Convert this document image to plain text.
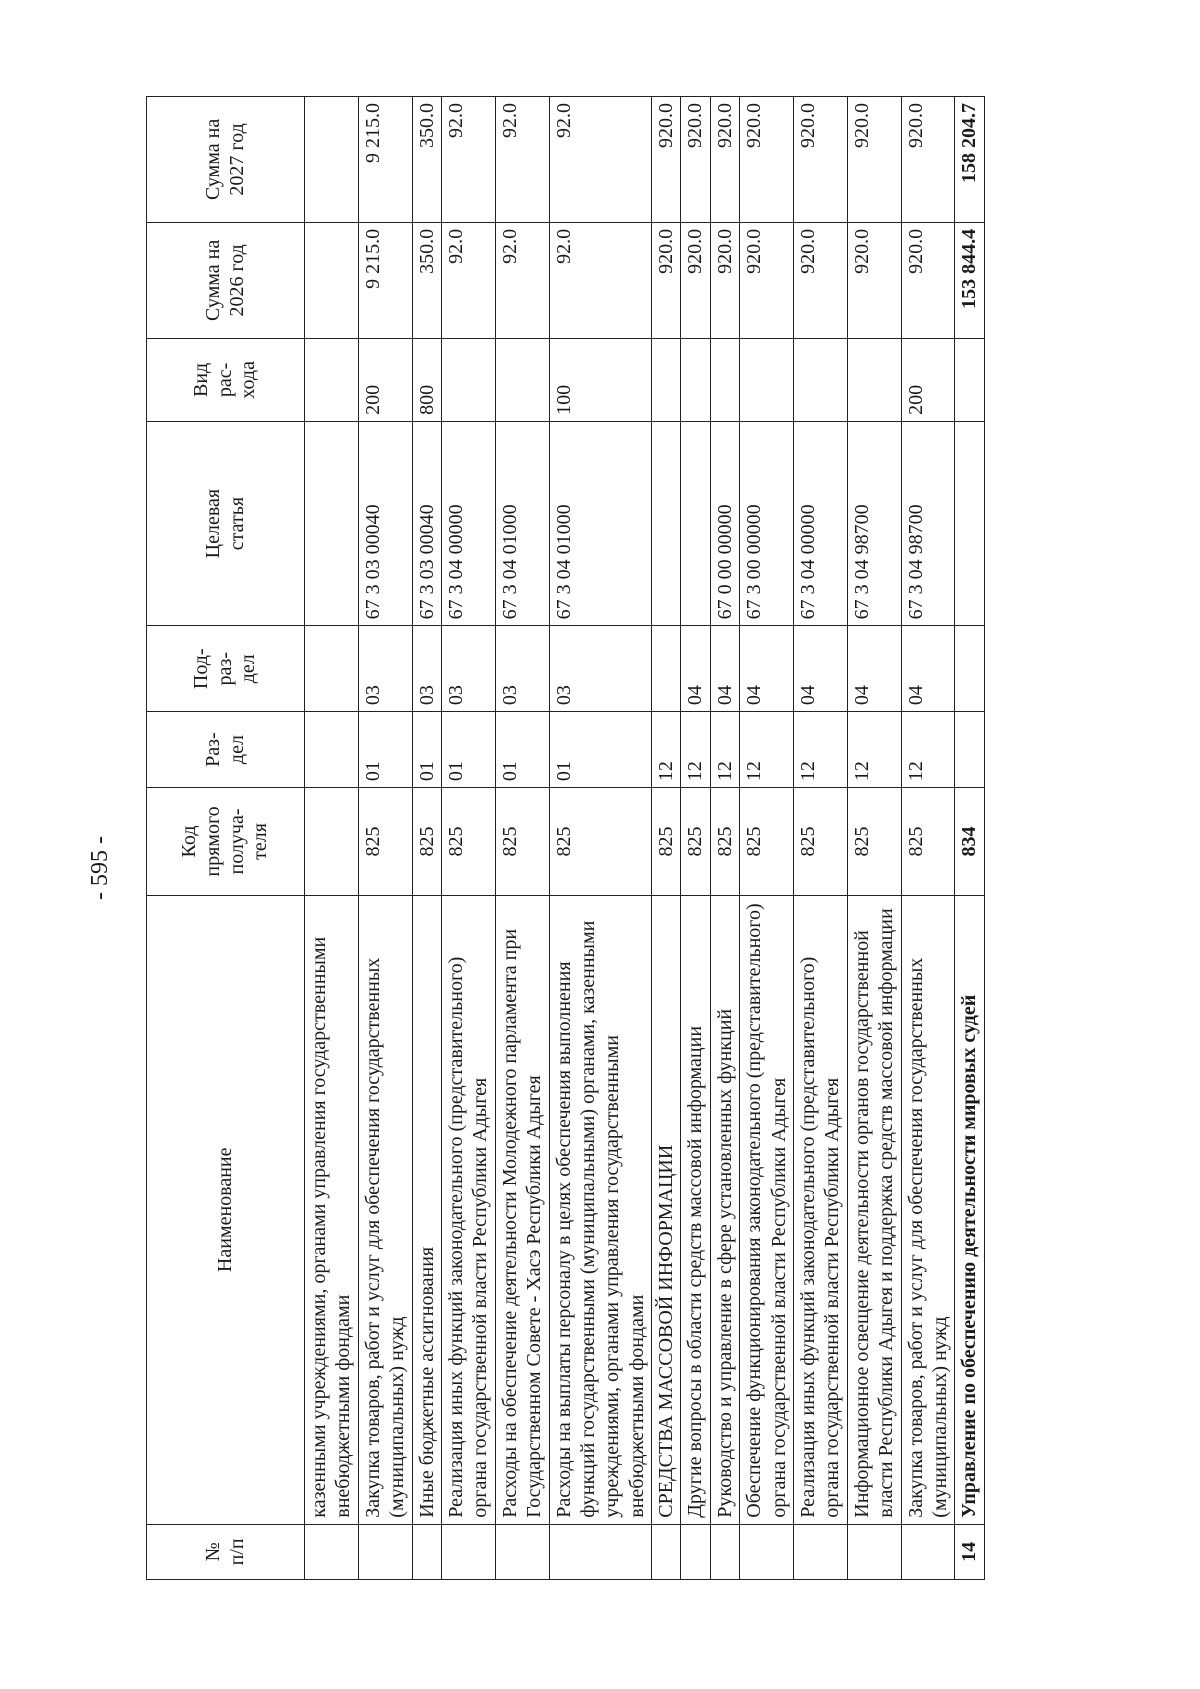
- 595 -
№ п/п	Наименование	Код прямого получа- теля	Раз- дел	Под- раз- дел	Целевая статья	Вид рас- хода	Сумма на 2026 год	Сумма на 2027 год

	казенными учреждениями, органами управления государственными внебюджетными фондами							
	Закупка товаров, работ и услуг для обеспечения государственных (муниципальных) нужд	825	01	03	67 3 03 00040	200	9 215.0	9 215.0
	Иные бюджетные ассигнования	825	01	03	67 3 03 00040	800	350.0	350.0
	Реализация иных функций законодательного (представительного) органа государственной власти Республики Адыгея	825	01	03	67 3 04 00000		92.0	92.0
	Расходы на обеспечение деятельности Молодежного парламента при Государственном Совете - Хасэ Республики Адыгея	825	01	03	67 3 04 01000		92.0	92.0
	Расходы на выплаты персоналу в целях обеспечения выполнения функций государственными (муниципальными) органами, казенными учреждениями, органами управления государственными внебюджетными фондами	825	01	03	67 3 04 01000	100	92.0	92.0
	СРЕДСТВА МАССОВОЙ ИНФОРМАЦИИ	825	12				920.0	920.0
	Другие вопросы в области средств массовой информации	825	12	04			920.0	920.0
	Руководство и управление в сфере установленных функций	825	12	04	67 0 00 00000		920.0	920.0
	Обеспечение функционирования законодательного (представительного) органа государственной власти Республики Адыгея	825	12	04	67 3 00 00000		920.0	920.0
	Реализация иных функций законодательного (представительного) органа государственной власти Республики Адыгея	825	12	04	67 3 04 00000		920.0	920.0
	Информационное освещение деятельности органов государственной власти Республики Адыгея и поддержка средств массовой информации	825	12	04	67 3 04 98700		920.0	920.0
	Закупка товаров, работ и услуг для обеспечения государственных (муниципальных) нужд	825	12	04	67 3 04 98700	200	920.0	920.0
14	Управление по обеспечению деятельности мировых судей	834					153 844.4	158 204.7
